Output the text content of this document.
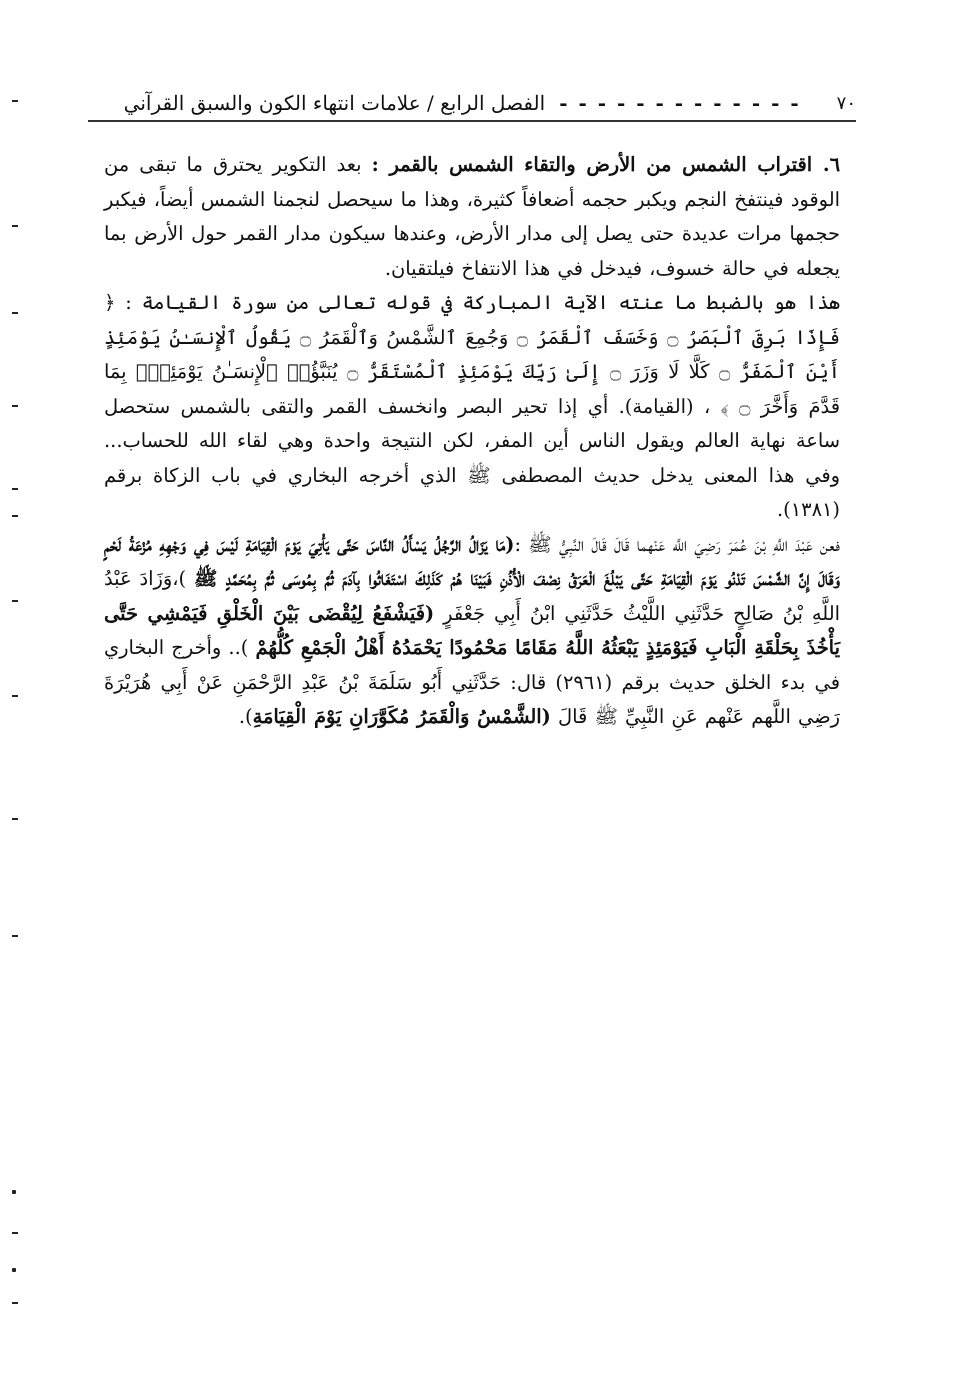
٧٠
- - - - - - - - - - - - -
الفصل الرابع / علامات انتهاء الكون والسبق القرآني

٦. اقتراب الشمس من الأرض والتقاء الشمس بالقمر : بعد التكوير يحترق ما تبقى من الوقود فينتفخ النجم ويكبر حجمه أضعافاً كثيرة، وهذا ما سيحصل لنجمنا الشمس أيضاً، فيكبر حجمها مرات عديدة حتى يصل إلى مدار الأرض، وعندها سيكون مدار القمر حول الأرض بما يجعله في حالة خسوف، فيدخل في هذا الانتفاخ فيلتقيان.

هذا هو بالضبط ما عنته الآية المباركة في قوله تعالى من سورة القيامة : ﴿ فَإِذَا بَرِقَ ٱلْبَصَرُ ۝ وَخَسَفَ ٱلْقَمَرُ ۝ وَجُمِعَ ٱلشَّمْسُ وَٱلْقَمَرُ ۝ يَقُولُ ٱلْإِنسَـٰنُ يَوْمَئِذٍ أَيْنَ ٱلْمَفَرُّ ۝ كَلَّا لَا وَزَرَ ۝ إِلَىٰ رَبِّكَ يَوْمَئِذٍ ٱلْمُسْتَقَرُّ ۝ يُنَبَّؤُا۟ ٱلْإِنسَـٰنُ يَوْمَئِذٍۭ بِمَا قَدَّمَ وَأَخَّرَ ۝ ﴾ ، (القيامة). أي إذا تحير البصر وانخسف القمر والتقى بالشمس ستحصل ساعة نهاية العالم ويقول الناس أين المفر، لكن النتيجة واحدة وهي لقاء الله للحساب... وفي هذا المعنى يدخل حديث المصطفى ﷺ الذي أخرجه البخاري في باب الزكاة برقم (١٣٨١).

فعن عَبْدَ اللَّهِ بْنَ عُمَرَ رَضِيَ اللَّه عَنْهما قَالَ قَالَ النَّبِيُّ ﷺ :(مَا يَزَالُ الرَّجُلُ يَسْأَلُ النَّاسَ حَتَّى يَأْتِيَ يَوْمَ الْقِيَامَةِ لَيْسَ فِي وَجْهِهِ مُزْعَةُ لَحْمٍ وَقَالَ إِنَّ الشَّمْسَ تَدْنُو يَوْمَ الْقِيَامَةِ حَتَّى يَبْلُغَ الْعَرَقُ نِصْفَ الْأُذُنِ فَبَيْنَا هُمْ كَذَلِكَ اسْتَغَاثُوا بِآدَمَ ثُمَّ بِمُوسَى ثُمَّ بِمُحَمَّدٍ ﷺ )،وَزَادَ عَبْدُ اللَّهِ بْنُ صَالِحٍ حَدَّثَنِي اللَّيْثُ حَدَّثَنِي ابْنُ أَبِي جَعْفَرٍ (فَيَشْفَعُ لِيُقْضَى بَيْنَ الْخَلْقِ فَيَمْشِي حَتَّى يَأْخُذَ بِحَلْقَةِ الْبَابِ فَيَوْمَئِذٍ يَبْعَثُهُ اللَّهُ مَقَامًا مَحْمُودًا يَحْمَدُهُ أَهْلُ الْجَمْعِ كُلُّهُمْ ).. وأخرج البخاري في بدء الخلق حديث برقم (٢٩٦١) قال: حَدَّثَنِي أَبُو سَلَمَةَ بْنُ عَبْدِ الرَّحْمَنِ عَنْ أَبِي هُرَيْرَةَ رَضِي اللَّهم عَنْهم عَنِ النَّبِيِّ ﷺ قَالَ (الشَّمْسُ وَالْقَمَرُ مُكَوَّرَانِ يَوْمَ الْقِيَامَةِ).
